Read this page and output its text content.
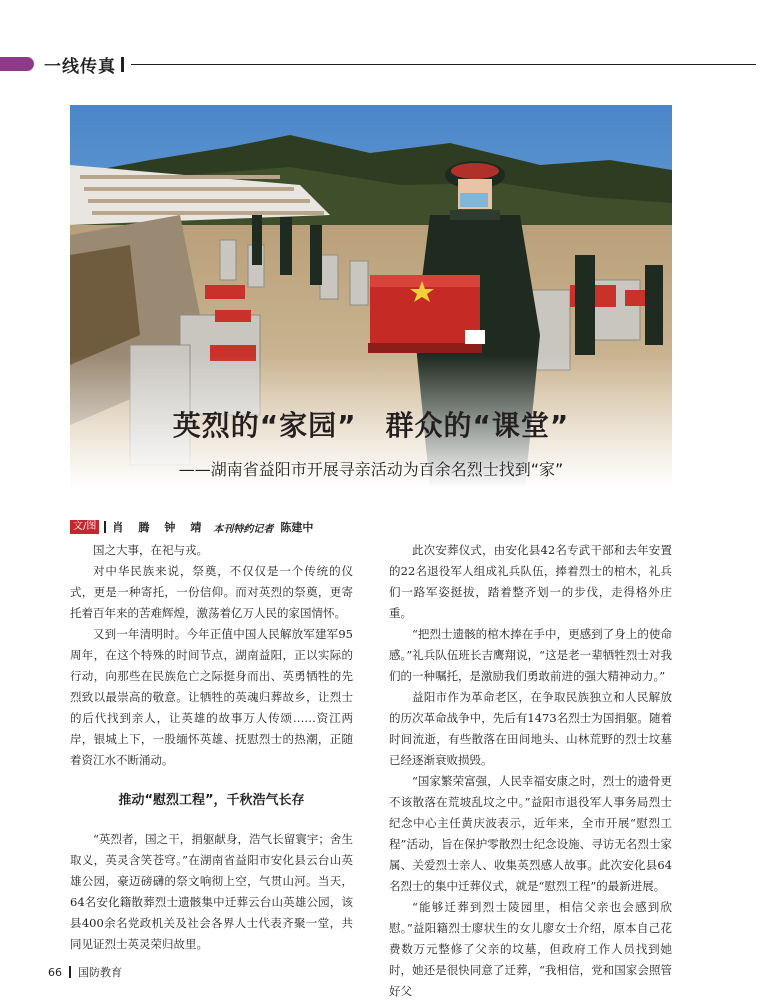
一线传真
英烈的“家园”　群众的“课堂”
——湖南省益阳市开展寻亲活动为百余名烈士找到“家”
文/图 肖　腾　钟　靖 本刊特约记者 陈建中

国之大事，在祀与戎。

对中华民族来说，祭奠，不仅仅是一个传统的仪式，更是一种寄托，一份信仰。而对英烈的祭奠，更寄托着百年来的苦难辉煌，激荡着亿万人民的家国情怀。

又到一年清明时。今年正值中国人民解放军建军95周年，在这个特殊的时间节点，湖南益阳，正以实际的行动，向那些在民族危亡之际挺身而出、英勇牺牲的先烈致以最崇高的敬意。让牺牲的英魂归葬故乡，让烈士的后代找到亲人，让英雄的故事万人传颂……资江两岸，银城上下，一股缅怀英雄、抚慰烈士的热潮，正随着资江水不断涌动。

推动“慰烈工程”，千秋浩气长存

“英烈者，国之干，捐躯献身，浩气长留寰宇；舍生取义，英灵含笑苍穹。”在湖南省益阳市安化县云台山英雄公园，豪迈磅礴的祭文响彻上空，气贯山河。当天，64名安化籍散葬烈士遗骸集中迁葬云台山英雄公园，该县400余名党政机关及社会各界人士代表齐聚一堂，共同见证烈士英灵荣归故里。

此次安葬仪式，由安化县42名专武干部和去年安置的22名退役军人组成礼兵队伍，捧着烈士的棺木，礼兵们一路军姿挺拔，踏着整齐划一的步伐，走得格外庄重。

“把烈士遗骸的棺木捧在手中，更感到了身上的使命感。”礼兵队伍班长吉鹰翔说，“这是老一辈牺牲烈士对我们的一种嘱托，是激励我们勇敢前进的强大精神动力。”

益阳市作为革命老区，在争取民族独立和人民解放的历次革命战争中，先后有1473名烈士为国捐躯。随着时间流逝，有些散落在田间地头、山林荒野的烈士坟墓已经逐渐衰败损毁。

“国家繁荣富强，人民幸福安康之时，烈士的遗骨更不该散落在荒坡乱坟之中。”益阳市退役军人事务局烈士纪念中心主任黄庆波表示，近年来，全市开展“慰烈工程”活动，旨在保护零散烈士纪念设施、寻访无名烈士家属、关爱烈士亲人、收集英烈感人故事。此次安化县64名烈士的集中迁葬仪式，就是“慰烈工程”的最新进展。

“能够迁葬到烈士陵园里，相信父亲也会感到欣慰。”益阳籍烈士廖状生的女儿廖女士介绍，原本自己花费数万元整修了父亲的坟墓，但政府工作人员找到她时，她还是很快同意了迁葬，“我相信，党和国家会照管好父

66 国防教育
